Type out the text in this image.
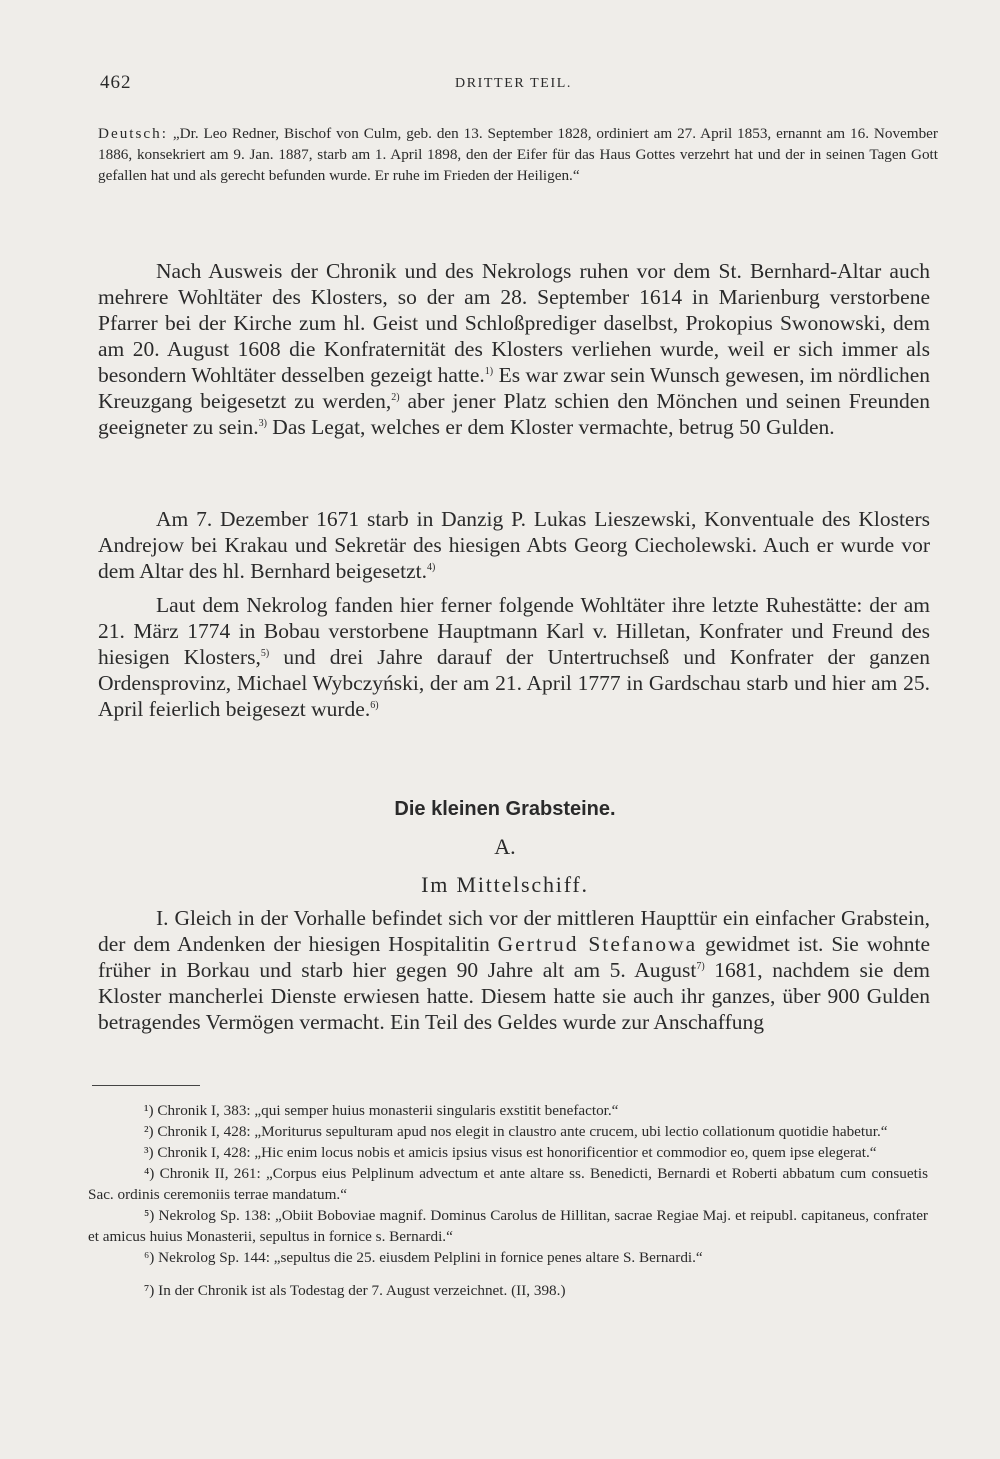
462	DRITTER TEIL.
Deutsch: „Dr. Leo Redner, Bischof von Culm, geb. den 13. September 1828, ordiniert am 27. April 1853, ernannt am 16. November 1886, konsekriert am 9. Jan. 1887, starb am 1. April 1898, den der Eifer für das Haus Gottes verzehrt hat und der in seinen Tagen Gott gefallen hat und als gerecht befunden wurde. Er ruhe im Frieden der Heiligen.“

Nach Ausweis der Chronik und des Nekrologs ruhen vor dem St. Bernhard-Altar auch mehrere Wohltäter des Klosters, so der am 28. September 1614 in Marienburg verstorbene Pfarrer bei der Kirche zum hl. Geist und Schloßprediger daselbst, Prokopius Swonowski, dem am 20. August 1608 die Konfraternität des Klosters verliehen wurde, weil er sich immer als besondern Wohltäter desselben gezeigt hatte.$^{1)}$ Es war zwar sein Wunsch gewesen, im nördlichen Kreuzgang beigesetzt zu werden,$^{2)}$ aber jener Platz schien den Mönchen und seinen Freunden geeigneter zu sein.$^{3)}$ Das Legat, welches er dem Kloster vermachte, betrug 50 Gulden.

Am 7. Dezember 1671 starb in Danzig P. Lukas Lieszewski, Konventuale des Klosters Andrejow bei Krakau und Sekretär des hiesigen Abts Georg Ciecholewski. Auch er wurde vor dem Altar des hl. Bernhard beigesetzt.$^{4)}$

Laut dem Nekrolog fanden hier ferner folgende Wohltäter ihre letzte Ruhestätte: der am 21. März 1774 in Bobau verstorbene Hauptmann Karl v. Hilletan, Konfrater und Freund des hiesigen Klosters,$^{5)}$ und drei Jahre darauf der Untertruchseß und Konfrater der ganzen Ordensprovinz, Michael Wybczyński, der am 21. April 1777 in Gardschau starb und hier am 25. April feierlich beigesezt wurde.$^{6)}$

Die kleinen Grabsteine.
A.
Im Mittelschiff.

I. Gleich in der Vorhalle befindet sich vor der mittleren Haupttür ein einfacher Grabstein, der dem Andenken der hiesigen Hospitalitin Gertrud Stefanowa gewidmet ist. Sie wohnte früher in Borkau und starb hier gegen 90 Jahre alt am 5. August$^{7)}$ 1681, nachdem sie dem Kloster mancherlei Dienste erwiesen hatte. Diesem hatte sie auch ihr ganzes, über 900 Gulden betragendes Vermögen vermacht. Ein Teil des Geldes wurde zur Anschaffung

¹) Chronik I, 383: „qui semper huius monasterii singularis exstitit benefactor.“

²) Chronik I, 428: „Moriturus sepulturam apud nos elegit in claustro ante crucem, ubi lectio collationum quotidie habetur.“

³) Chronik I, 428: „Hic enim locus nobis et amicis ipsius visus est honorificentior et commodior eo, quem ipse elegerat.“

⁴) Chronik II, 261: „Corpus eius Pelplinum advectum et ante altare ss. Benedicti, Bernardi et Roberti abbatum cum consuetis Sac. ordinis ceremoniis terrae mandatum.“

⁵) Nekrolog Sp. 138: „Obiit Boboviae magnif. Dominus Carolus de Hillitan, sacrae Regiae Maj. et reipubl. capitaneus, confrater et amicus huius Monasterii, sepultus in fornice s. Bernardi.“

⁶) Nekrolog Sp. 144: „sepultus die 25. eiusdem Pelplini in fornice penes altare S. Bernardi.“

⁷) In der Chronik ist als Todestag der 7. August verzeichnet. (II, 398.)
